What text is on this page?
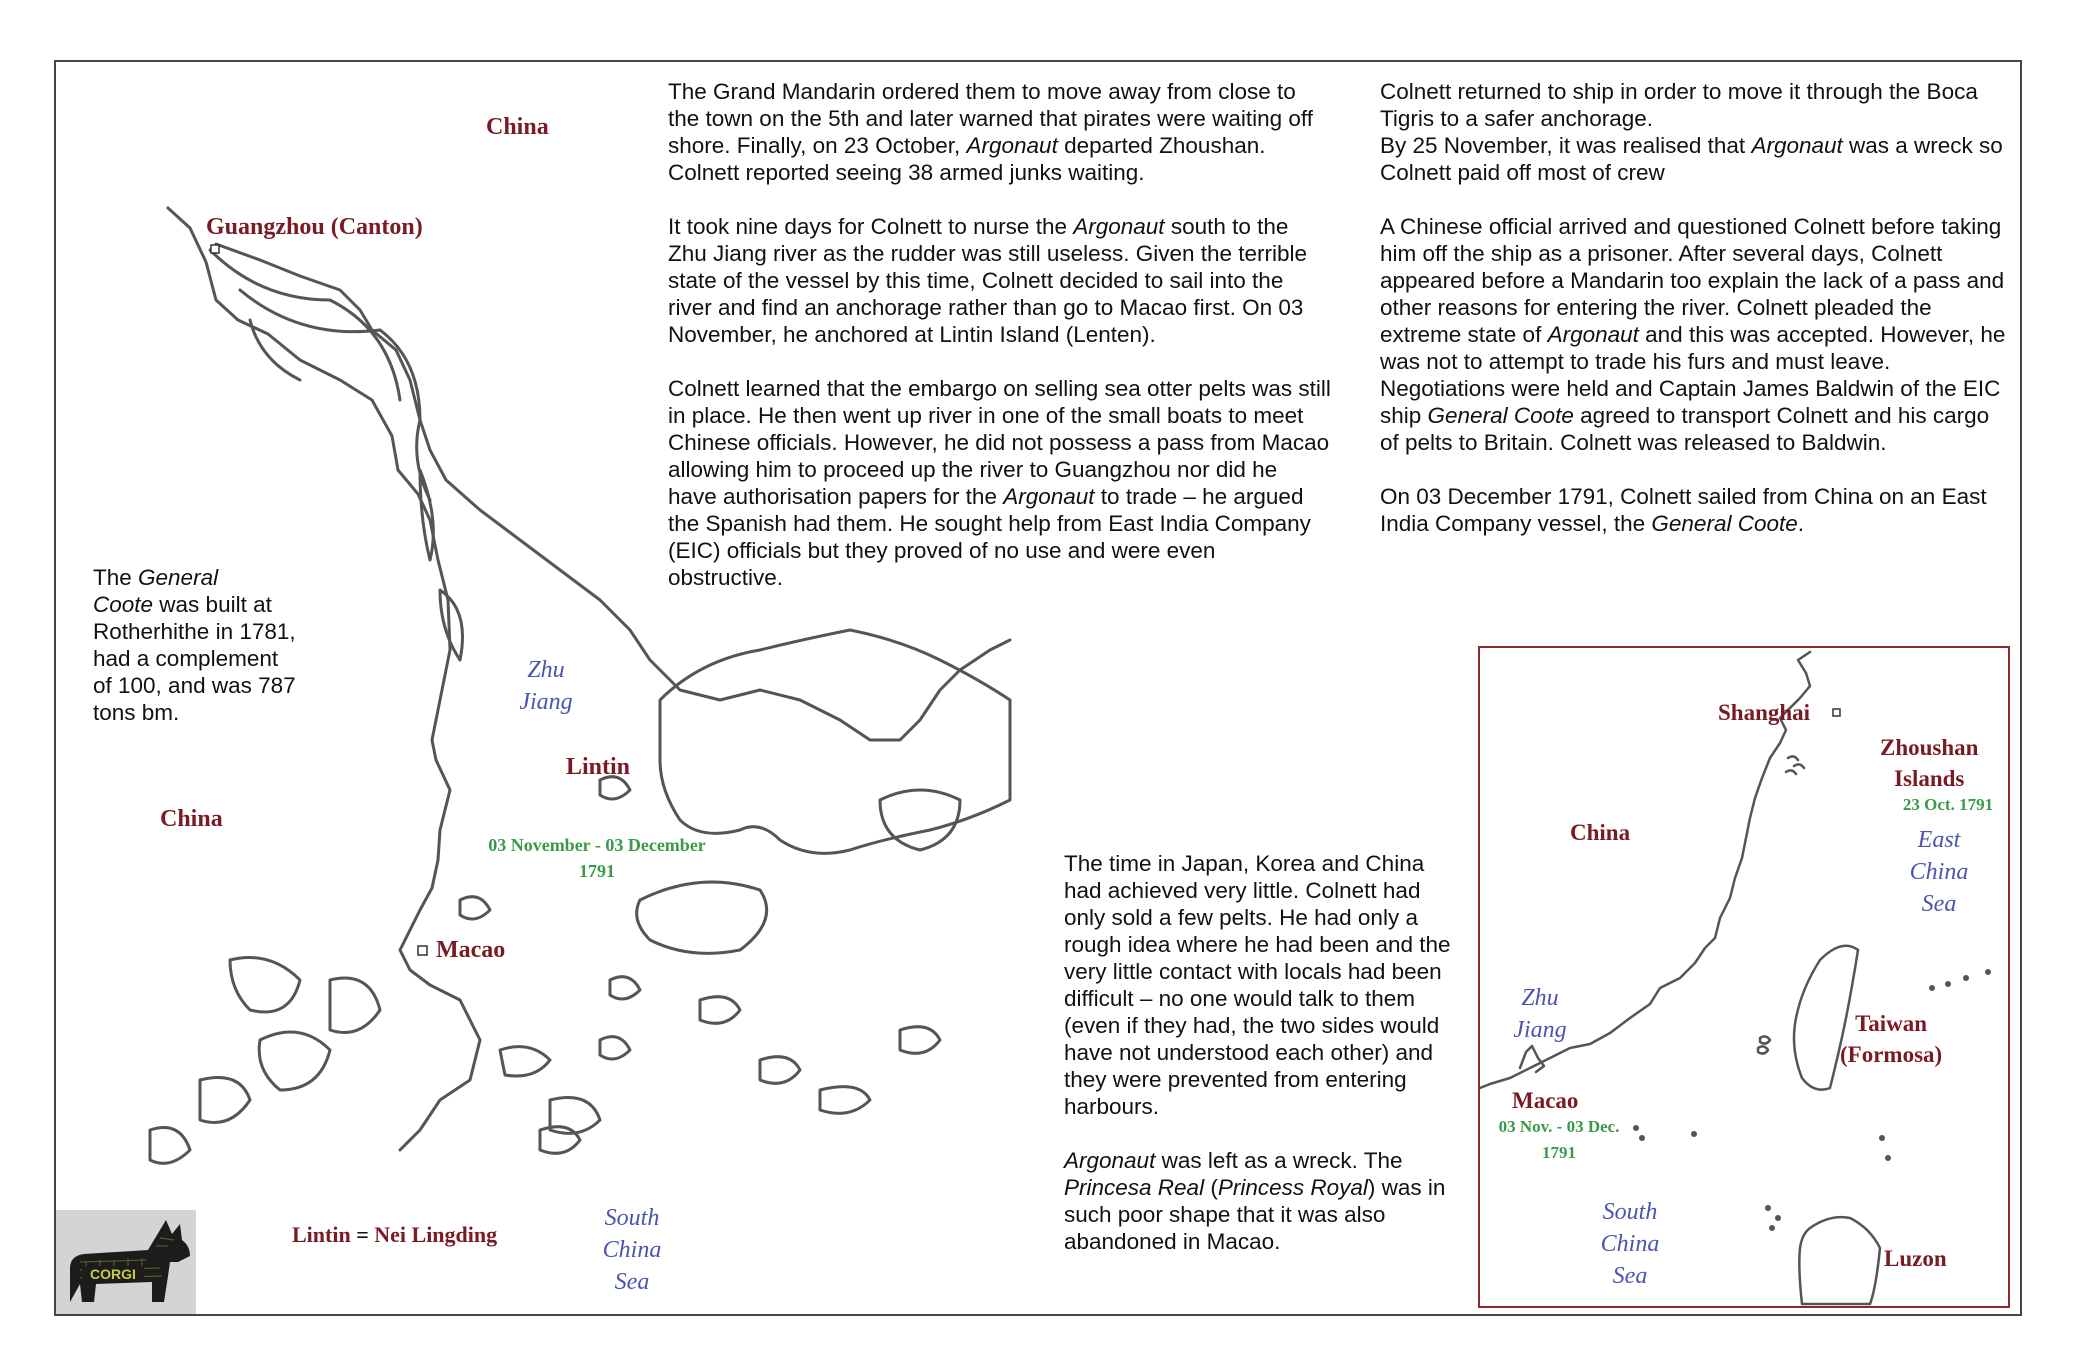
China
Guangzhou (Canton)
China
Lintin
Macao
Zhu
Jiang
03 November - 03 December
1791
South
China
Sea
Lintin = Nei Lingding
The General
Coote was built at Rotherhithe in 1781, had a complement of 100, and was 787 tons bm.

The Grand Mandarin ordered them to move away from close to the town on the 5th and later warned that pirates were waiting off shore. Finally, on 23 October, Argonaut departed Zhoushan. Colnett reported seeing 38 armed junks waiting.

It took nine days for Colnett to nurse the Argonaut south to the Zhu Jiang river as the rudder was still useless. Given the terrible state of the vessel by this time, Colnett decided to sail into the river and find an anchorage rather than go to Macao first. On 03 November, he anchored at Lintin Island (Lenten).

Colnett learned that the embargo on selling sea otter pelts was still in place. He then went up river in one of the small boats to meet Chinese officials. However, he did not possess a pass from Macao allowing him to proceed up the river to Guangzhou nor did he have authorisation papers for the Argonaut to trade – he argued the Spanish had them. He sought help from East India Company (EIC) officials but they proved of no use and were even obstructive.

Colnett returned to ship in order to move it through the Boca Tigris to a safer anchorage.
By 25 November, it was realised that Argonaut was a wreck so Colnett paid off most of crew

A Chinese official arrived and questioned Colnett before taking him off the ship as a prisoner. After several days, Colnett appeared before a Mandarin too explain the lack of a pass and other reasons for entering the river. Colnett pleaded the extreme state of Argonaut and this was accepted. However, he was not to attempt to trade his furs and must leave. Negotiations were held and Captain James Baldwin of the EIC ship General Coote agreed to transport Colnett and his cargo of pelts to Britain. Colnett was released to Baldwin.

On 03 December 1791, Colnett sailed from China on an East India Company vessel, the General Coote.

The time in Japan, Korea and China had achieved very little. Colnett had only sold a few pelts. He had only a rough idea where he had been and the very little contact with locals had been difficult – no one would talk to them (even if they had, the two sides would have not understood each other) and they were prevented from entering harbours.

Argonaut was left as a wreck. The Princesa Real (Princess Royal) was in such poor shape that it was also abandoned in Macao.

Shanghai
Zhoushan
Islands
23 Oct. 1791
China	East
China
Sea
Zhu
Jiang	Taiwan
(Formosa)
Macao
03 Nov. - 03 Dec.
1791
South
China
Sea
Luzon
CORGI
